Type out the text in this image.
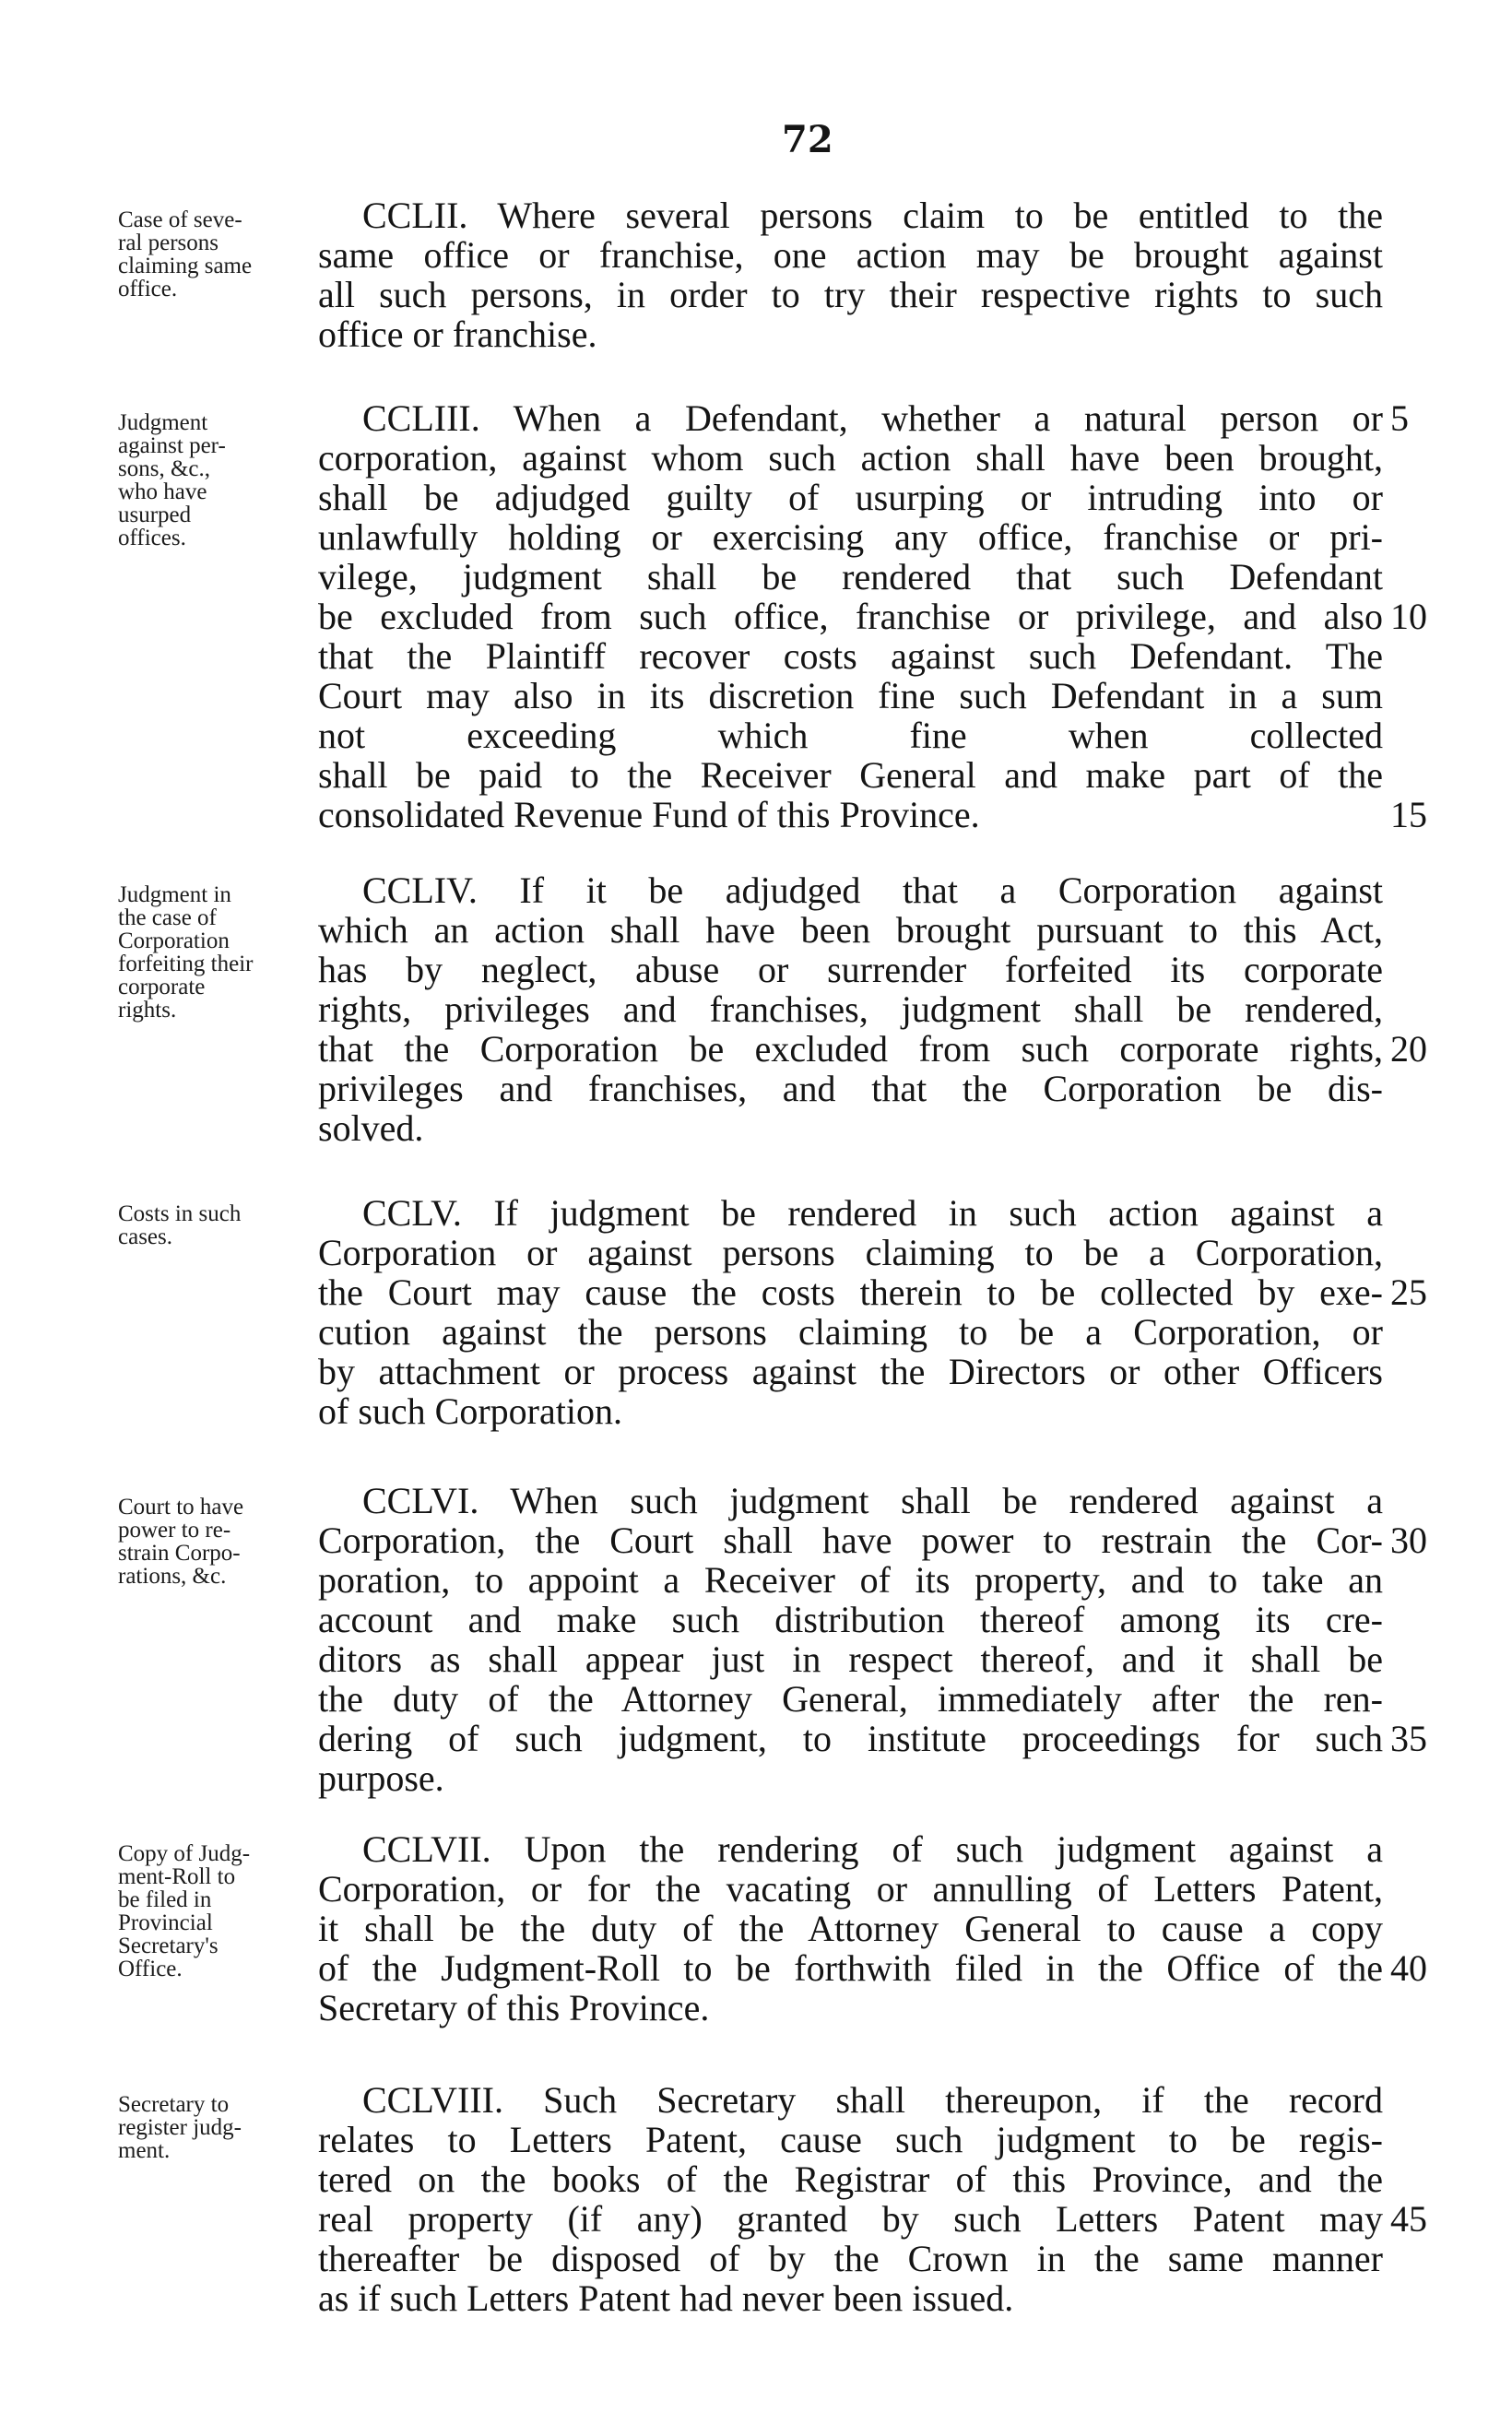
72
Case of seve-
ral persons
claiming same
office.
CCLII. Where several persons claim to be entitled to the
same office or franchise, one action may be brought against
all such persons, in order to try their respective rights to such
office or franchise.
Judgment
against per-
sons, &c.,
who have
usurped
offices.
CCLIII. When a Defendant, whether a natural person or
corporation, against whom such action shall have been brought,
shall be adjudged guilty of usurping or intruding into or
unlawfully holding or exercising any office, franchise or pri-
vilege, judgment shall be rendered that such Defendant
be excluded from such office, franchise or privilege, and also
that the Plaintiff recover costs against such Defendant. The
Court may also in its discretion fine such Defendant in a sum
not exceeding which fine when collected
shall be paid to the Receiver General and make part of the
consolidated Revenue Fund of this Province.
5
10
15
Judgment in
the case of
Corporation
forfeiting their
corporate
rights.
CCLIV. If it be adjudged that a Corporation against
which an action shall have been brought pursuant to this Act,
has by neglect, abuse or surrender forfeited its corporate
rights, privileges and franchises, judgment shall be rendered,
that the Corporation be excluded from such corporate rights,
privileges and franchises, and that the Corporation be dis-
solved.
20
Costs in such
cases.
CCLV. If judgment be rendered in such action against a
Corporation or against persons claiming to be a Corporation,
the Court may cause the costs therein to be collected by exe-
cution against the persons claiming to be a Corporation, or
by attachment or process against the Directors or other Officers
of such Corporation.
25
Court to have
power to re-
strain Corpo-
rations, &c.
CCLVI. When such judgment shall be rendered against a
Corporation, the Court shall have power to restrain the Cor-
poration, to appoint a Receiver of its property, and to take an
account and make such distribution thereof among its cre-
ditors as shall appear just in respect thereof, and it shall be
the duty of the Attorney General, immediately after the ren-
dering of such judgment, to institute proceedings for such
purpose.
30
35
Copy of Judg-
ment-Roll to
be filed in
Provincial
Secretary's
Office.
CCLVII. Upon the rendering of such judgment against a
Corporation, or for the vacating or annulling of Letters Patent,
it shall be the duty of the Attorney General to cause a copy
of the Judgment-Roll to be forthwith filed in the Office of the
Secretary of this Province.
40
Secretary to
register judg-
ment.
CCLVIII. Such Secretary shall thereupon, if the record
relates to Letters Patent, cause such judgment to be regis-
tered on the books of the Registrar of this Province, and the
real property (if any) granted by such Letters Patent may
thereafter be disposed of by the Crown in the same manner
as if such Letters Patent had never been issued.
45
